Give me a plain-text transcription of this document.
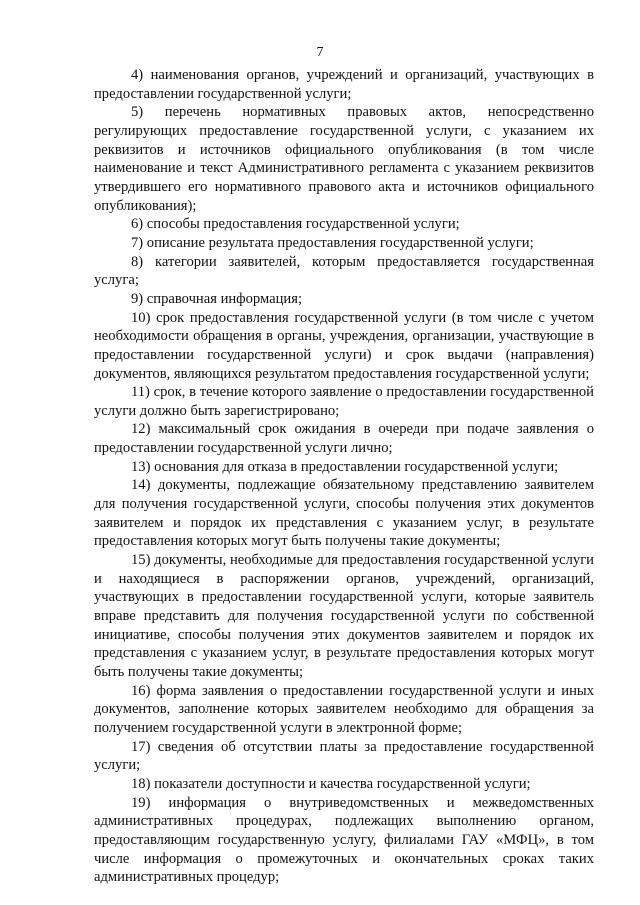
7

4) наименования органов, учреждений и организаций, участвующих в предоставлении государственной услуги;

5) перечень нормативных правовых актов, непосредственно регулирующих предоставление государственной услуги, с указанием их реквизитов и источников официального опубликования (в том числе наименование и текст Административного регламента с указанием реквизитов утвердившего его нормативного правового акта и источников официального опубликования);

6) способы предоставления государственной услуги;

7) описание результата предоставления государственной услуги;

8) категории заявителей, которым предоставляется государственная услуга;

9) справочная информация;

10) срок предоставления государственной услуги (в том числе с учетом необходимости обращения в органы, учреждения, организации, участвующие в предоставлении государственной услуги) и срок выдачи (направления) документов, являющихся результатом предоставления государственной услуги;

11) срок, в течение которого заявление о предоставлении государственной услуги должно быть зарегистрировано;

12) максимальный срок ожидания в очереди при подаче заявления о предоставлении государственной услуги лично;

13) основания для отказа в предоставлении государственной услуги;

14) документы, подлежащие обязательному представлению заявителем для получения государственной услуги, способы получения этих документов заявителем и порядок их представления с указанием услуг, в результате предоставления которых могут быть получены такие документы;

15) документы, необходимые для предоставления государственной услуги и находящиеся в распоряжении органов, учреждений, организаций, участвующих в предоставлении государственной услуги, которые заявитель вправе представить для получения государственной услуги по собственной инициативе, способы получения этих документов заявителем и порядок их представления с указанием услуг, в результате предоставления которых могут быть получены такие документы;

16) форма заявления о предоставлении государственной услуги и иных документов, заполнение которых заявителем необходимо для обращения за получением государственной услуги в электронной форме;

17) сведения об отсутствии платы за предоставление государственной услуги;

18) показатели доступности и качества государственной услуги;

19) информация о внутриведомственных и межведомственных административных процедурах, подлежащих выполнению органом, предоставляющим государственную услугу, филиалами ГАУ «МФЦ», в том числе информация о промежуточных и окончательных сроках таких административных процедур;
